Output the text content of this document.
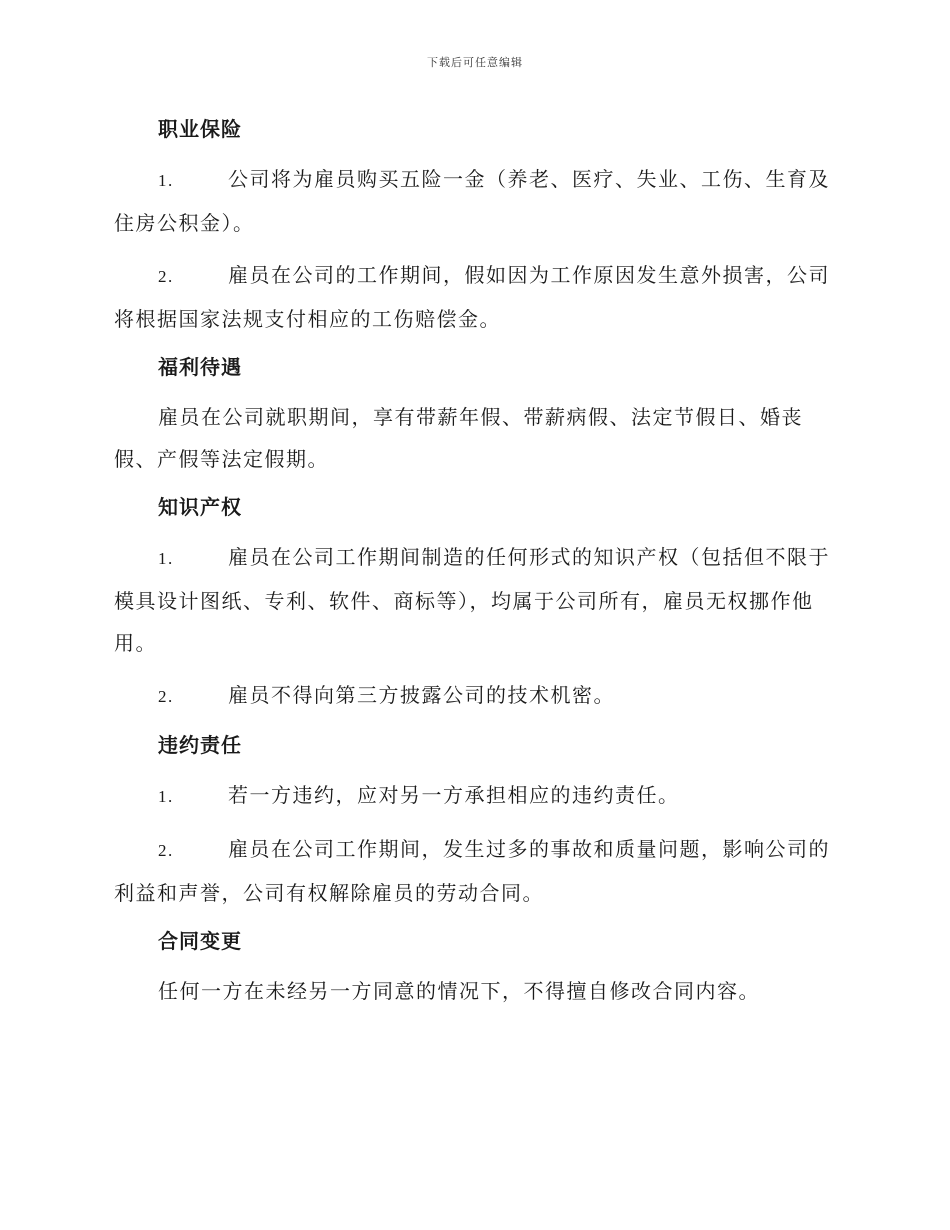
下载后可任意编辑
职业保险

1.	公司将为雇员购买五险一金（养老、医疗、失业、工伤、生育及住房公积金）。

2.	雇员在公司的工作期间，假如因为工作原因发生意外损害，公司将根据国家法规支付相应的工伤赔偿金。

福利待遇

雇员在公司就职期间，享有带薪年假、带薪病假、法定节假日、婚丧假、产假等法定假期。

知识产权

1.	雇员在公司工作期间制造的任何形式的知识产权（包括但不限于模具设计图纸、专利、软件、商标等），均属于公司所有，雇员无权挪作他用。

2.	雇员不得向第三方披露公司的技术机密。

违约责任

1.	若一方违约，应对另一方承担相应的违约责任。

2.	雇员在公司工作期间，发生过多的事故和质量问题，影响公司的利益和声誉，公司有权解除雇员的劳动合同。

合同变更

任何一方在未经另一方同意的情况下，不得擅自修改合同内容。
